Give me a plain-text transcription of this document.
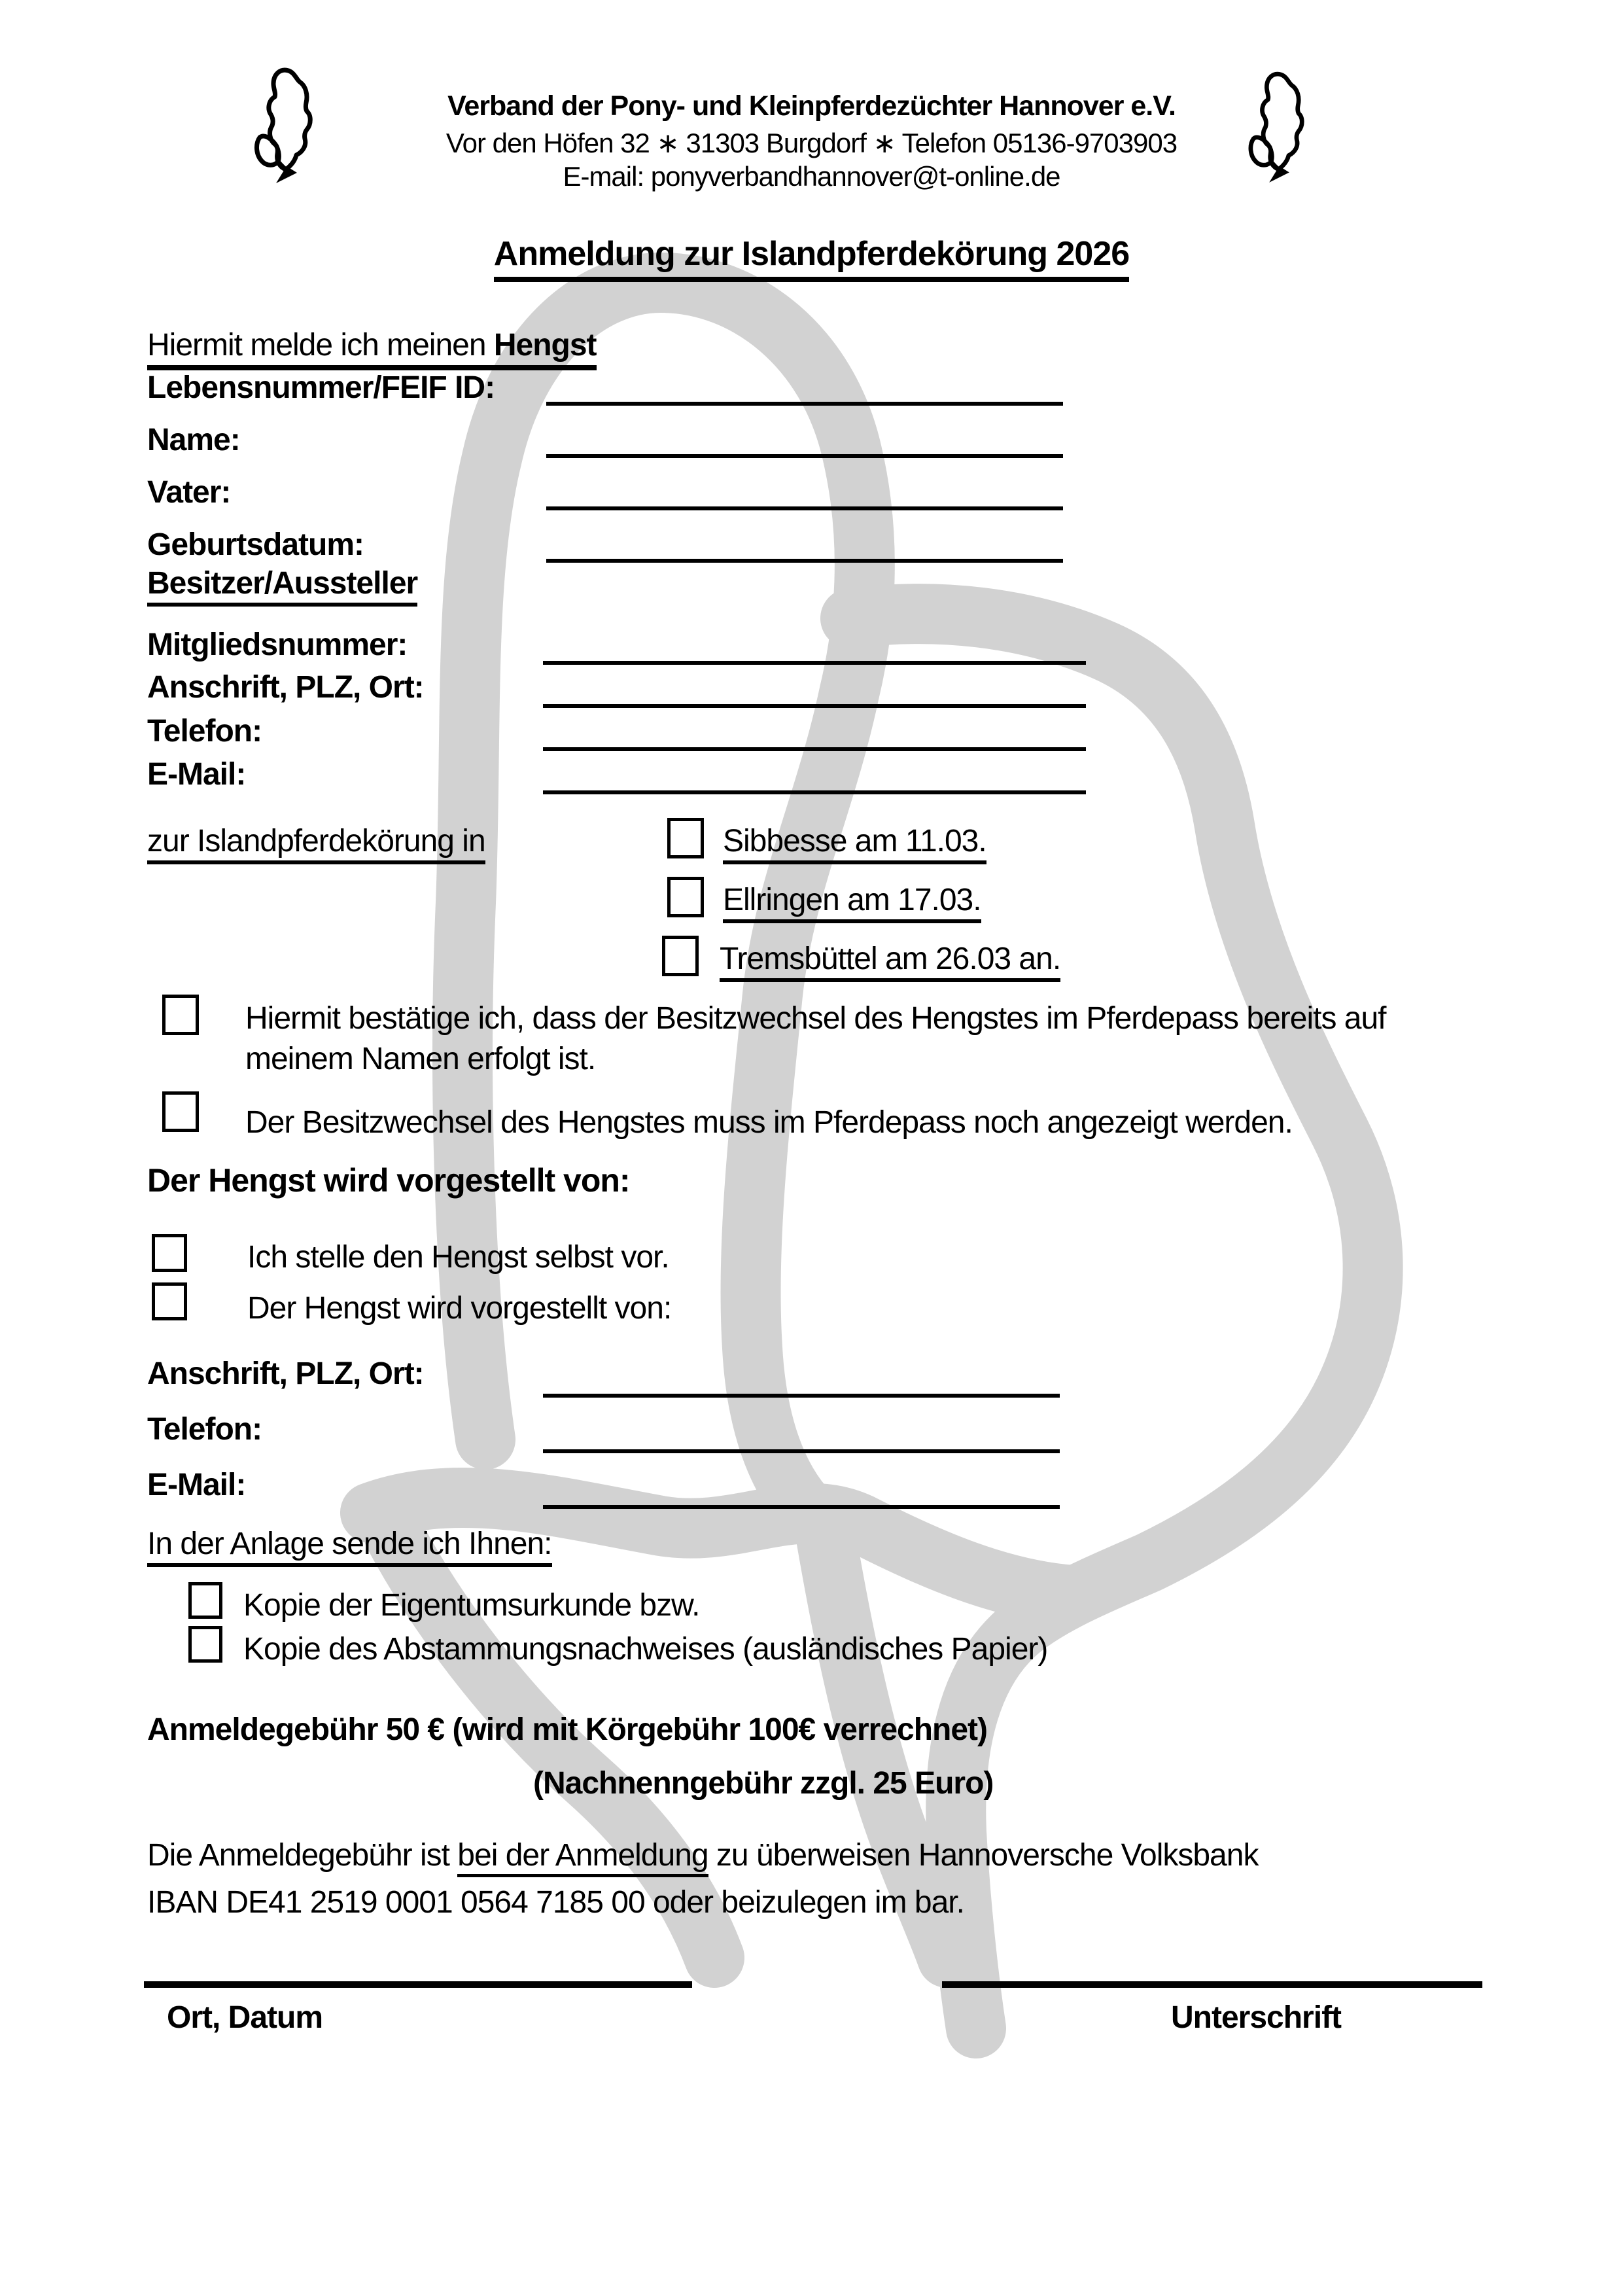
Verband der Pony- und Kleinpferdezüchter Hannover e.V.
Vor den Höfen 32 ∗ 31303 Burgdorf ∗ Telefon 05136-9703903
E-mail: ponyverbandhannover@t-online.de
Anmeldung zur Islandpferdekörung 2026
Hiermit melde ich meinen Hengst
Lebensnummer/FEIF ID:
Name:
Vater:
Geburtsdatum:
Besitzer/Aussteller
Mitgliedsnummer:
Anschrift, PLZ, Ort:
Telefon:
E-Mail:
zur Islandpferdekörung in	Sibbesse am 11.03.
Ellringen am 17.03.
Tremsbüttel am 26.03 an.
Hiermit bestätige ich, dass der Besitzwechsel des Hengstes im Pferdepass bereits auf meinem Namen erfolgt ist.
Der Besitzwechsel des Hengstes muss im Pferdepass noch angezeigt werden.
Der Hengst wird vorgestellt von:
Ich stelle den Hengst selbst vor.
Der Hengst wird vorgestellt von:
Anschrift, PLZ, Ort:
Telefon:
E-Mail:
In der Anlage sende ich Ihnen:
Kopie der Eigentumsurkunde bzw.
Kopie des Abstammungsnachweises (ausländisches Papier)
Anmeldegebühr 50 € (wird mit Körgebühr 100€ verrechnet)
(Nachnenngebühr zzgl. 25 Euro)
Die Anmeldegebühr ist bei der Anmeldung zu überweisen Hannoversche Volksbank
IBAN DE41 2519 0001 0564 7185 00 oder beizulegen im bar.
Ort, Datum	Unterschrift
